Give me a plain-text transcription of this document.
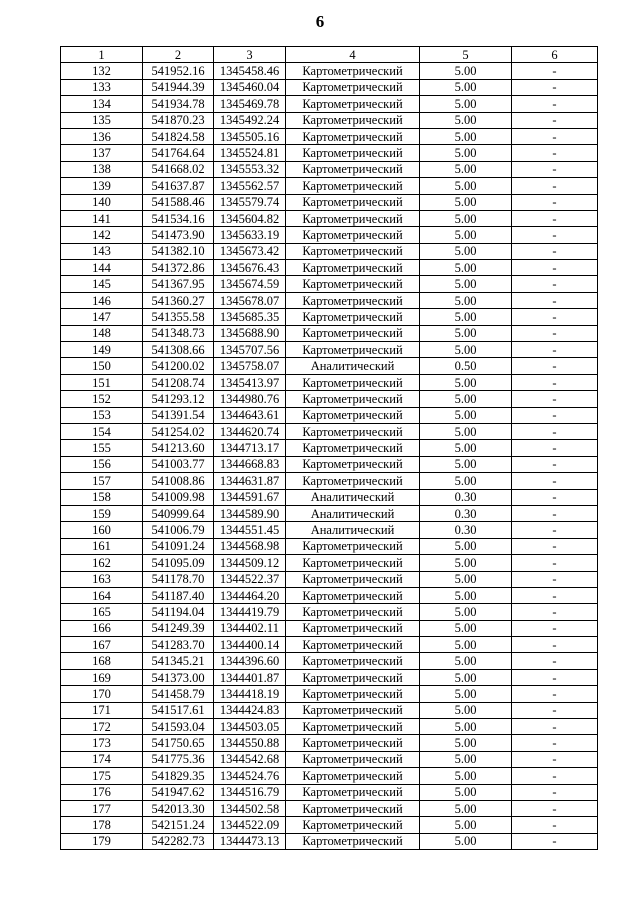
6
1	2	3	4	5	6
132	541952.16	1345458.46	Картометрический	5.00	-
133	541944.39	1345460.04	Картометрический	5.00	-
134	541934.78	1345469.78	Картометрический	5.00	-
135	541870.23	1345492.24	Картометрический	5.00	-
136	541824.58	1345505.16	Картометрический	5.00	-
137	541764.64	1345524.81	Картометрический	5.00	-
138	541668.02	1345553.32	Картометрический	5.00	-
139	541637.87	1345562.57	Картометрический	5.00	-
140	541588.46	1345579.74	Картометрический	5.00	-
141	541534.16	1345604.82	Картометрический	5.00	-
142	541473.90	1345633.19	Картометрический	5.00	-
143	541382.10	1345673.42	Картометрический	5.00	-
144	541372.86	1345676.43	Картометрический	5.00	-
145	541367.95	1345674.59	Картометрический	5.00	-
146	541360.27	1345678.07	Картометрический	5.00	-
147	541355.58	1345685.35	Картометрический	5.00	-
148	541348.73	1345688.90	Картометрический	5.00	-
149	541308.66	1345707.56	Картометрический	5.00	-
150	541200.02	1345758.07	Аналитический	0.50	-
151	541208.74	1345413.97	Картометрический	5.00	-
152	541293.12	1344980.76	Картометрический	5.00	-
153	541391.54	1344643.61	Картометрический	5.00	-
154	541254.02	1344620.74	Картометрический	5.00	-
155	541213.60	1344713.17	Картометрический	5.00	-
156	541003.77	1344668.83	Картометрический	5.00	-
157	541008.86	1344631.87	Картометрический	5.00	-
158	541009.98	1344591.67	Аналитический	0.30	-
159	540999.64	1344589.90	Аналитический	0.30	-
160	541006.79	1344551.45	Аналитический	0.30	-
161	541091.24	1344568.98	Картометрический	5.00	-
162	541095.09	1344509.12	Картометрический	5.00	-
163	541178.70	1344522.37	Картометрический	5.00	-
164	541187.40	1344464.20	Картометрический	5.00	-
165	541194.04	1344419.79	Картометрический	5.00	-
166	541249.39	1344402.11	Картометрический	5.00	-
167	541283.70	1344400.14	Картометрический	5.00	-
168	541345.21	1344396.60	Картометрический	5.00	-
169	541373.00	1344401.87	Картометрический	5.00	-
170	541458.79	1344418.19	Картометрический	5.00	-
171	541517.61	1344424.83	Картометрический	5.00	-
172	541593.04	1344503.05	Картометрический	5.00	-
173	541750.65	1344550.88	Картометрический	5.00	-
174	541775.36	1344542.68	Картометрический	5.00	-
175	541829.35	1344524.76	Картометрический	5.00	-
176	541947.62	1344516.79	Картометрический	5.00	-
177	542013.30	1344502.58	Картометрический	5.00	-
178	542151.24	1344522.09	Картометрический	5.00	-
179	542282.73	1344473.13	Картометрический	5.00	-
